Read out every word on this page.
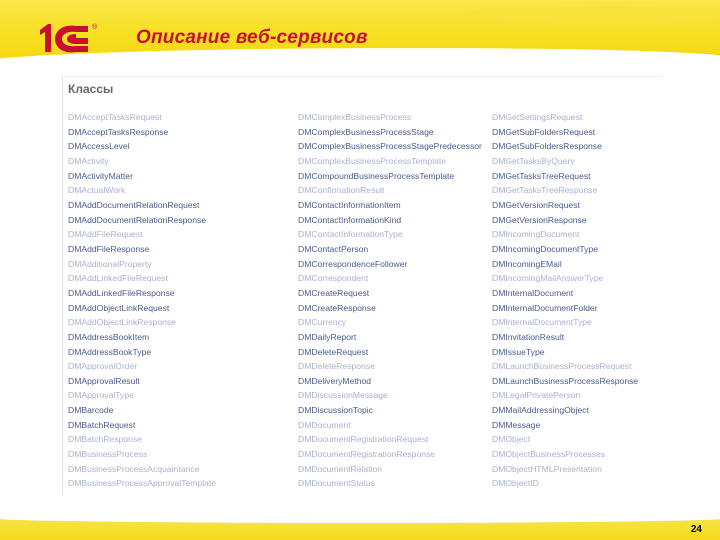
® Описание веб-сервисов
Классы
DMAcceptTasksRequest
DMAcceptTasksResponse
DMAccessLevel
DMActivity
DMActivityMatter
DMActualWork
DMAddDocumentRelationRequest
DMAddDocumentRelationResponse
DMAddFileRequest
DMAddFileResponse
DMAdditionalProperty
DMAddLinkedFileRequest
DMAddLinkedFileResponse
DMAddObjectLinkRequest
DMAddObjectLinkResponse
DMAddressBookItem
DMAddressBookType
DMApprovalOrder
DMApprovalResult
DMApprovalType
DMBarcode
DMBatchRequest
DMBatchResponse
DMBusinessProcess
DMBusinessProcessAcquaintance
DMBusinessProcessApprovalTemplate
DMComplexBusinessProcess
DMComplexBusinessProcessStage
DMComplexBusinessProcessStagePredecessor
DMComplexBusinessProcessTemplate
DMCompoundBusinessProcessTemplate
DMConfirmationResult
DMContactInformationItem
DMContactInformationKind
DMContactInformationType
DMContactPerson
DMCorrespondenceFollower
DMCorrespondent
DMCreateRequest
DMCreateResponse
DMCurrency
DMDailyReport
DMDeleteRequest
DMDeleteResponse
DMDeliveryMethod
DMDiscussionMessage
DMDiscussionTopic
DMDocument
DMDocumentRegistrationRequest
DMDocumentRegistrationResponse
DMDocumentRelation
DMDocumentStatus
DMGetSettingsRequest
DMGetSubFoldersRequest
DMGetSubFoldersResponse
DMGetTasksByQuery
DMGetTasksTreeRequest
DMGetTasksTreeResponse
DMGetVersionRequest
DMGetVersionResponse
DMIncomingDocument
DMIncomingDocumentType
DMIncomingEMail
DMIncomingMailAnswerType
DMInternalDocument
DMInternalDocumentFolder
DMInternalDocumentType
DMInvitationResult
DMIssueType
DMLaunchBusinessProcessRequest
DMLaunchBusinessProcessResponse
DMLegalPrivatePerson
DMMailAddressingObject
DMMessage
DMObject
DMObjectBusinessProcesses
DMObjectHTMLPresentation
DMObjectID
24
